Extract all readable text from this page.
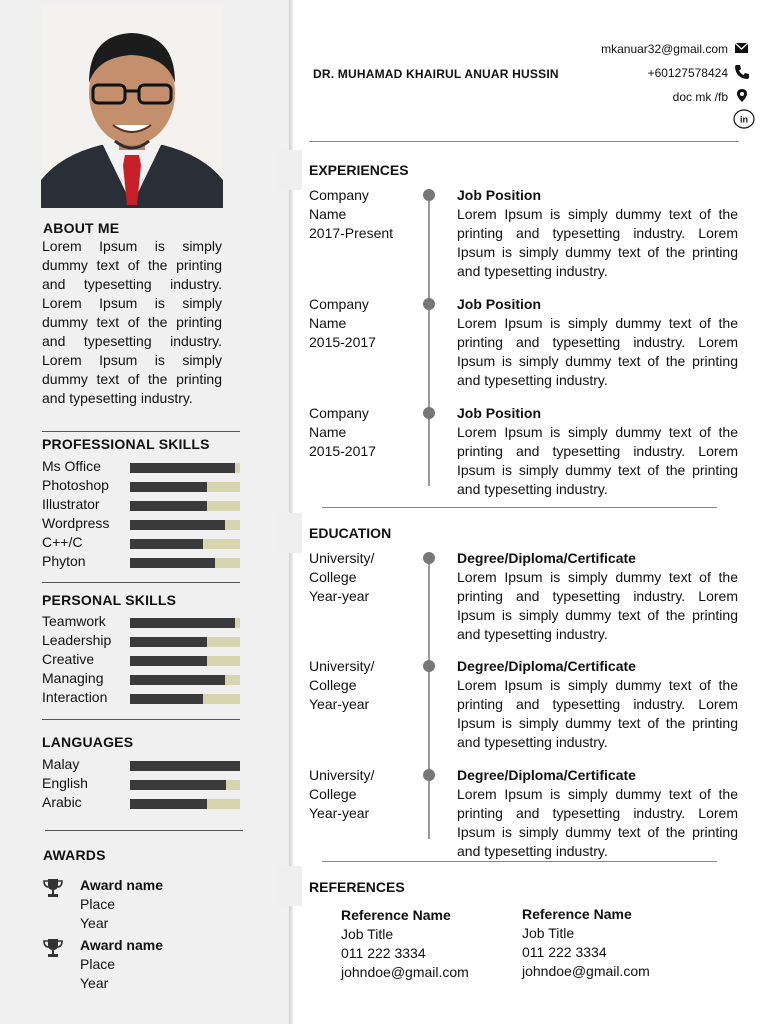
ABOUT ME
Lorem Ipsum is simply dummy text of the printing and typesetting industry. Lorem Ipsum is simply dummy text of the printing and typesetting industry. Lorem Ipsum is simply dummy text of the printing and typesetting industry.
PROFESSIONAL SKILLS
Ms Office
Photoshop
Illustrator
Wordpress
C++/C
Phyton
PERSONAL SKILLS
Teamwork
Leadership
Creative
Managing
Interaction
LANGUAGES
Malay
English
Arabic
AWARDS
Award name
Place
Year
Award name
Place
Year
DR. MUHAMAD KHAIRUL ANUAR HUSSIN
mkanuar32@gmail.com
+60127578424
doc mk /fb
in
EXPERIENCES
Company
Name
2017-Present
Job Position
Lorem Ipsum is simply dummy text of the printing and typesetting industry. Lorem Ipsum is simply dummy text of the printing and typesetting industry.
Company
Name
2015-2017
Job Position
Lorem Ipsum is simply dummy text of the printing and typesetting industry. Lorem Ipsum is simply dummy text of the printing and typesetting industry.
Company
Name
2015-2017
Job Position
Lorem Ipsum is simply dummy text of the printing and typesetting industry. Lorem Ipsum is simply dummy text of the printing and typesetting industry.
EDUCATION
University/
College
Year-year
Degree/Diploma/Certificate
Lorem Ipsum is simply dummy text of the printing and typesetting industry. Lorem Ipsum is simply dummy text of the printing and typesetting industry.
University/
College
Year-year
Degree/Diploma/Certificate
Lorem Ipsum is simply dummy text of the printing and typesetting industry. Lorem Ipsum is simply dummy text of the printing and typesetting industry.
University/
College
Year-year
Degree/Diploma/Certificate
Lorem Ipsum is simply dummy text of the printing and typesetting industry. Lorem Ipsum is simply dummy text of the printing and typesetting industry.
REFERENCES
Reference Name
Job Title
011 222 3334
johndoe@gmail.com
Reference Name
Job Title
011 222 3334
johndoe@gmail.com
